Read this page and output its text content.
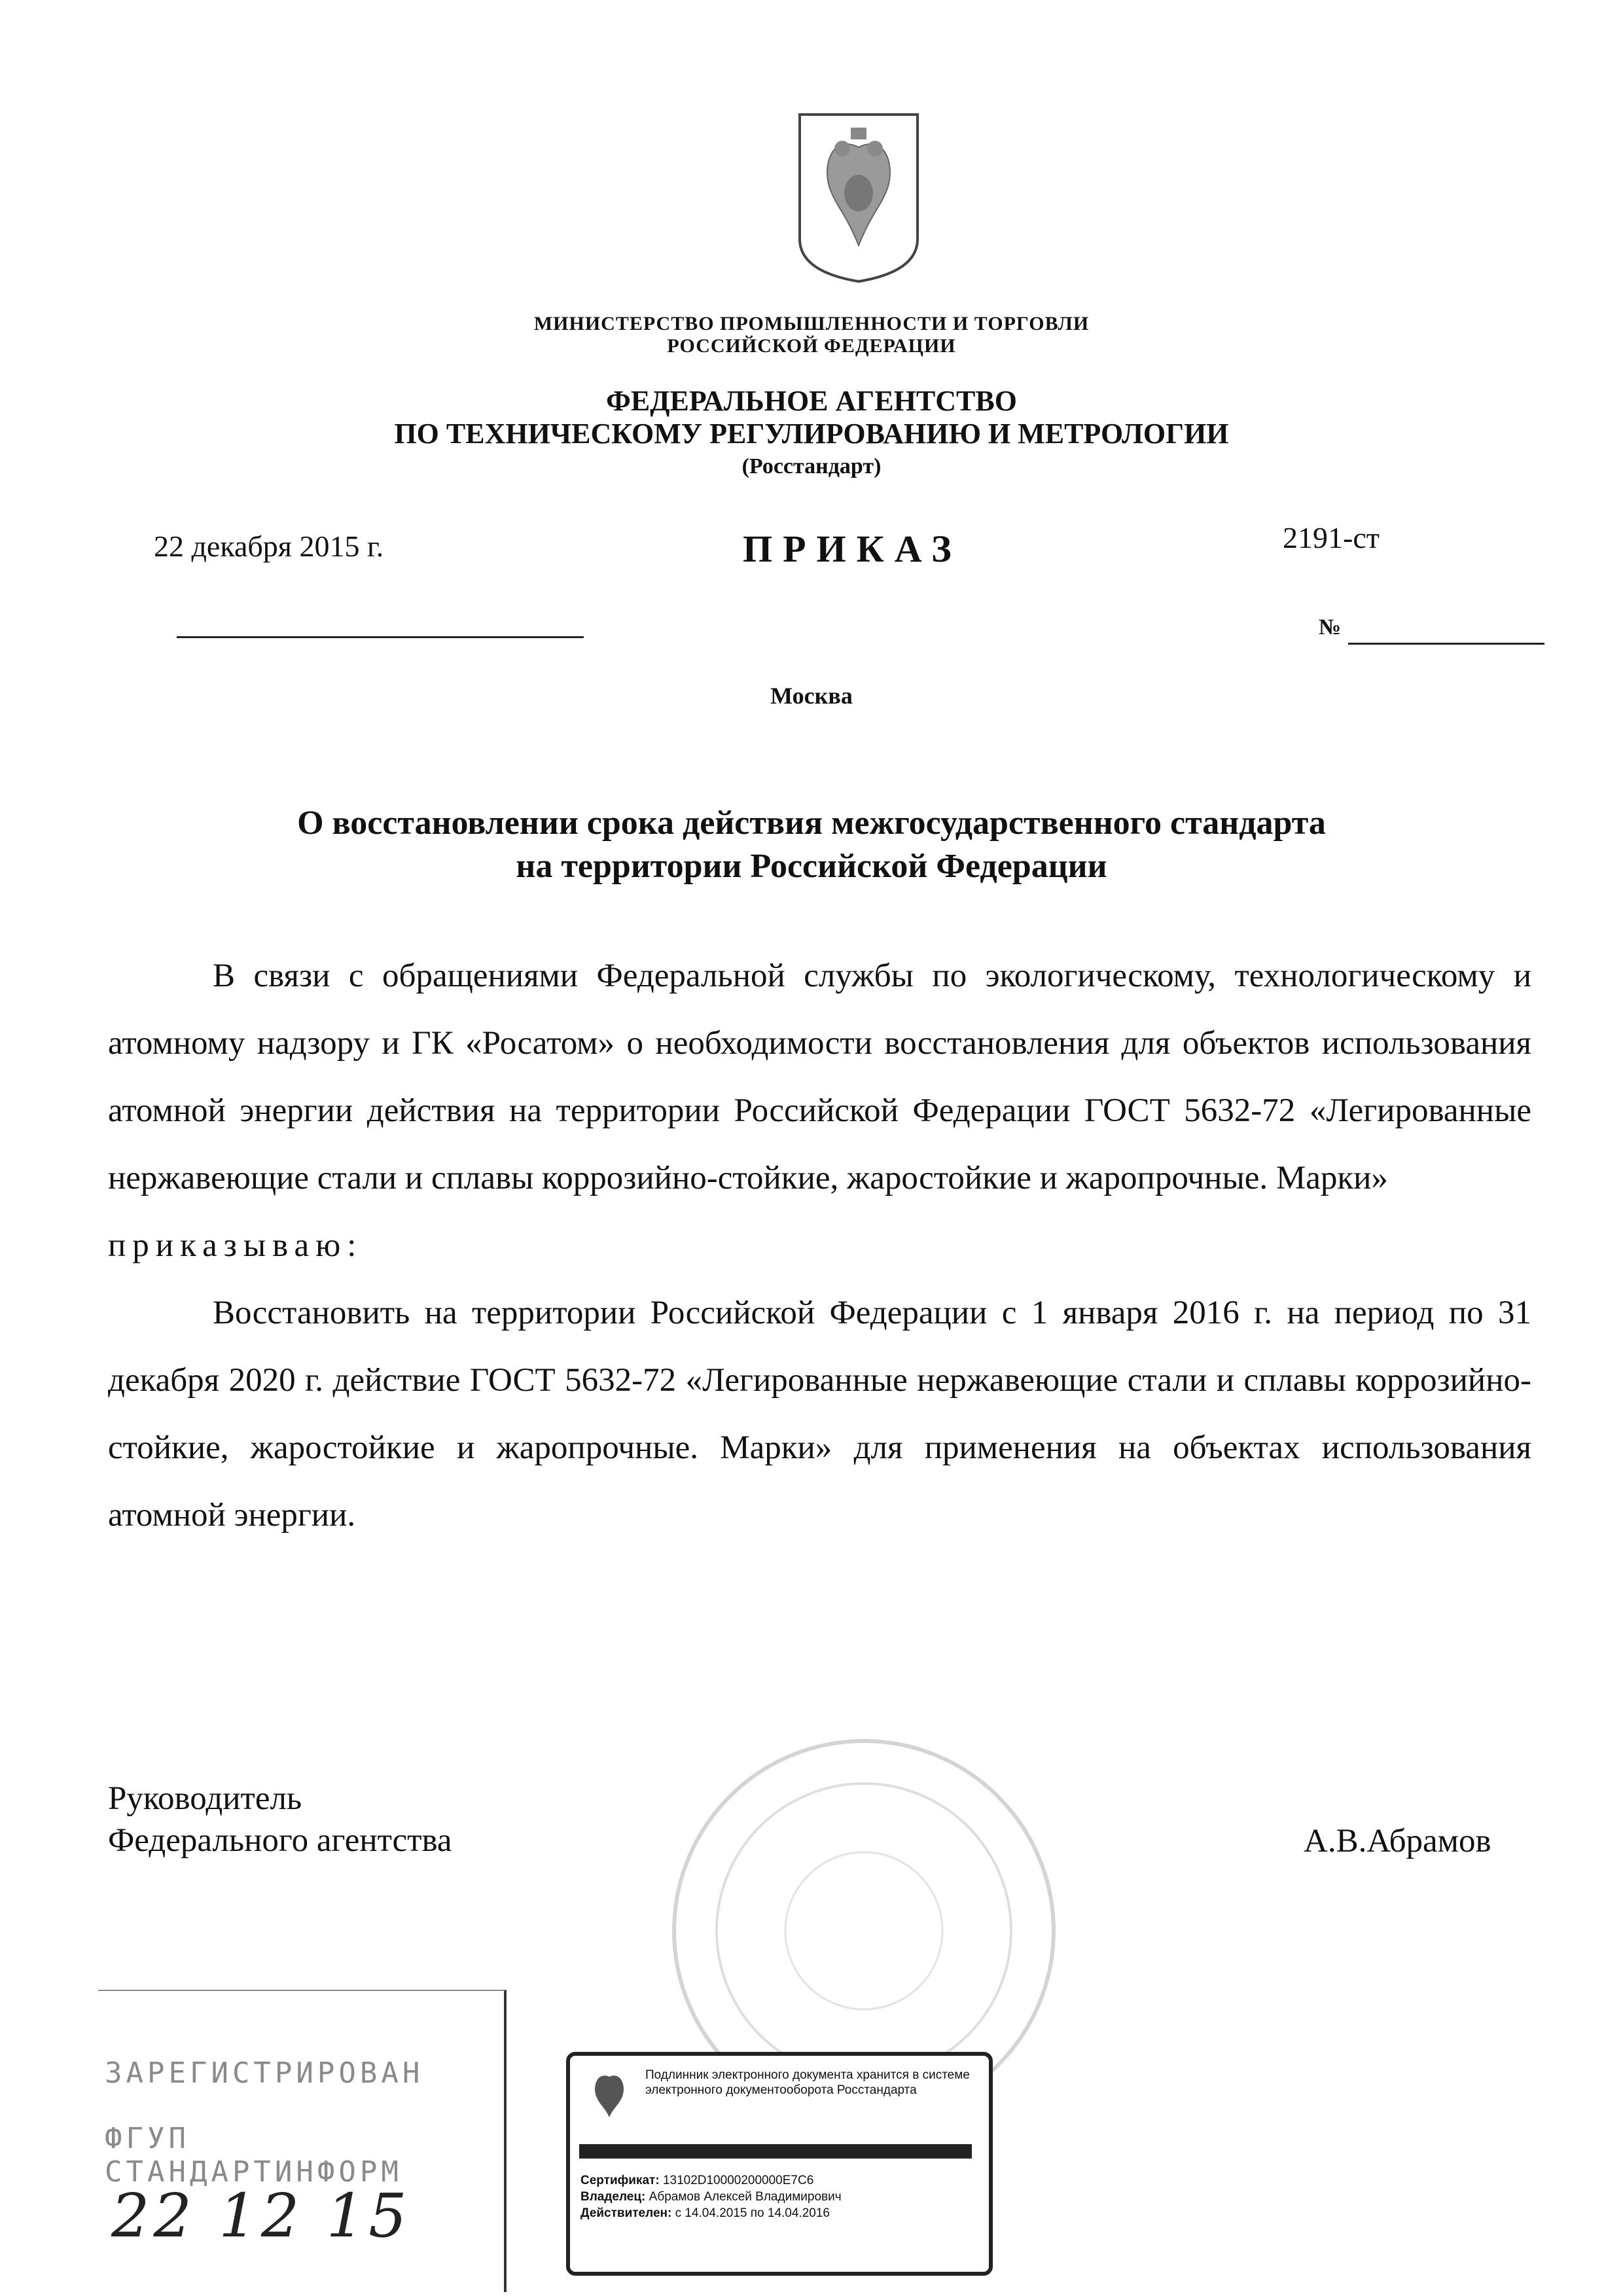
МИНИСТЕРСТВО ПРОМЫШЛЕННОСТИ И ТОРГОВЛИ
РОССИЙСКОЙ ФЕДЕРАЦИИ
ФЕДЕРАЛЬНОЕ АГЕНТСТВО
ПО ТЕХНИЧЕСКОМУ РЕГУЛИРОВАНИЮ И МЕТРОЛОГИИ
(Росстандарт)
22 декабря 2015 г.	ПРИКАЗ	2191-ст
№
Москва
О восстановлении срока действия межгосударственного стандарта
на территории Российской Федерации

В связи с обращениями Федеральной службы по экологическому, технологическому и атомному надзору и ГК «Росатом» о необходимости восстановления для объектов использования атомной энергии действия на территории Российской Федерации ГОСТ 5632-72 «Легированные нержавеющие стали и сплавы коррозийно-стойкие, жаростойкие и жаропрочные. Марки»

приказываю:

Восстановить на территории Российской Федерации с 1 января 2016 г. на период по 31 декабря 2020 г. действие ГОСТ 5632-72 «Легированные нержавеющие стали и сплавы коррозийно-стойкие, жаростойкие и жаропрочные. Марки» для применения на объектах использования атомной энергии.

Руководитель
Федерального агентства	А.В.Абрамов
ЗАРЕГИСТРИРОВАН
ФГУП СТАНДАРТИНФОРМ
22 12 15
Подлинник электронного документа хранится в системе электронного документооборота Росстандарта
Сертификат: 13102D10000200000E7C6
Владелец: Абрамов Алексей Владимирович
Действителен: с 14.04.2015 по 14.04.2016
